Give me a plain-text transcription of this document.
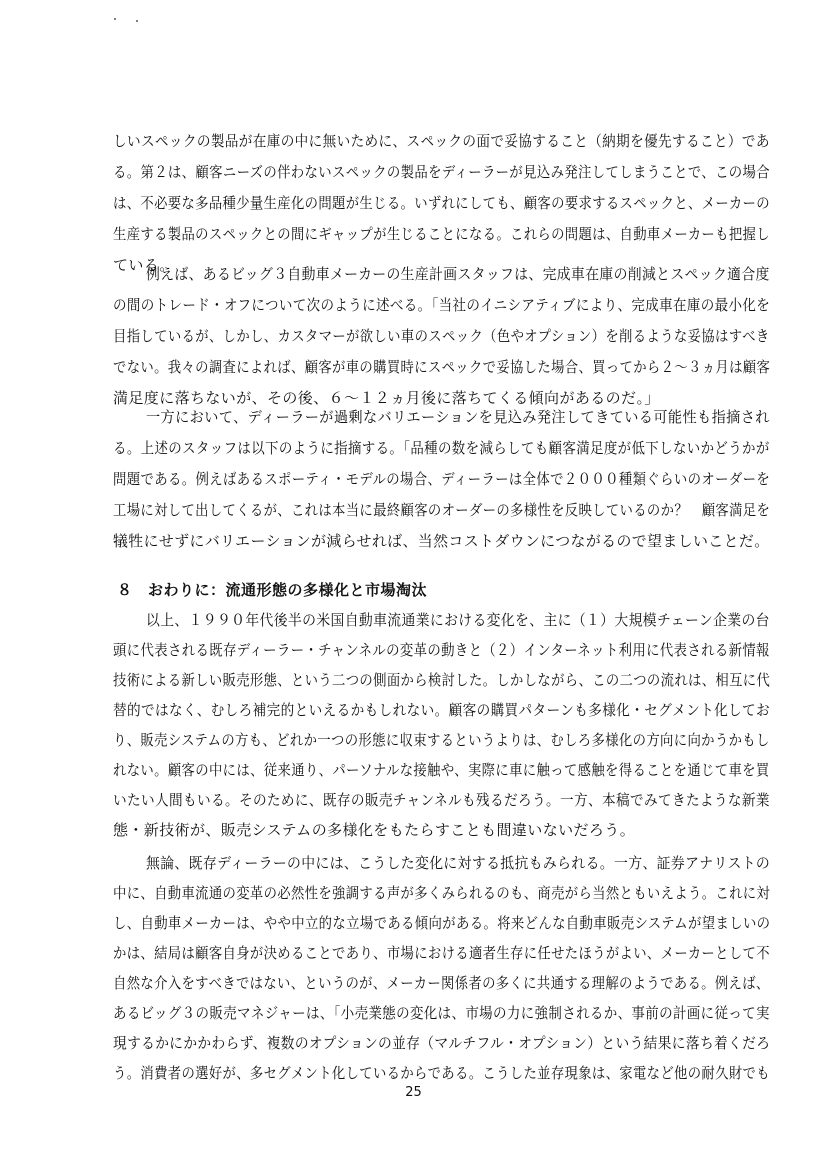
しいスペックの製品が在庫の中に無いために、スペックの面で妥協すること（納期を優先すること）であ
る。第２は、顧客ニーズの伴わないスペックの製品をディーラーが見込み発注してしまうことで、この場合
は、不必要な多品種少量生産化の問題が生じる。いずれにしても、顧客の要求するスペックと、メーカーの
生産する製品のスペックとの間にギャップが生じることになる。これらの問題は、自動車メーカーも把握し
ている。
例えば、あるビッグ３自動車メーカーの生産計画スタッフは、完成車在庫の削減とスペック適合度
の間のトレード・オフについて次のように述べる。「当社のイニシアティブにより、完成車在庫の最小化を
目指しているが、しかし、カスタマーが欲しい車のスペック（色やオプション）を削るような妥協はすべき
でない。我々の調査によれば、顧客が車の購買時にスペックで妥協した場合、買ってから２～３ヵ月は顧客
満足度に落ちないが、その後、６～１２ヵ月後に落ちてくる傾向があるのだ。」
一方において、ディーラーが過剰なバリエーションを見込み発注してきている可能性も指摘され
る。上述のスタッフは以下のように指摘する。「品種の数を減らしても顧客満足度が低下しないかどうかが
問題である。例えばあるスポーティ・モデルの場合、ディーラーは全体で２０００種類ぐらいのオーダーを
工場に対して出してくるが、これは本当に最終顧客のオーダーの多様性を反映しているのか？　顧客満足を
犠牲にせずにバリエーションが減らせれば、当然コストダウンにつながるので望ましいことだ。
８　おわりに：流通形態の多様化と市場淘汰
以上、１９９０年代後半の米国自動車流通業における変化を、主に（１）大規模チェーン企業の台
頭に代表される既存ディーラー・チャンネルの変革の動きと（２）インターネット利用に代表される新情報
技術による新しい販売形態、という二つの側面から検討した。しかしながら、この二つの流れは、相互に代
替的ではなく、むしろ補完的といえるかもしれない。顧客の購買パターンも多様化・セグメント化してお
り、販売システムの方も、どれか一つの形態に収束するというよりは、むしろ多様化の方向に向かうかもし
れない。顧客の中には、従来通り、パーソナルな接触や、実際に車に触って感触を得ることを通じて車を買
いたい人間もいる。そのために、既存の販売チャンネルも残るだろう。一方、本稿でみてきたような新業
態・新技術が、販売システムの多様化をもたらすことも間違いないだろう。
無論、既存ディーラーの中には、こうした変化に対する抵抗もみられる。一方、証券アナリストの
中に、自動車流通の変革の必然性を強調する声が多くみられるのも、商売がら当然ともいえよう。これに対
し、自動車メーカーは、やや中立的な立場である傾向がある。将来どんな自動車販売システムが望ましいの
かは、結局は顧客自身が決めることであり、市場における適者生存に任せたほうがよい、メーカーとして不
自然な介入をすべきではない、というのが、メーカー関係者の多くに共通する理解のようである。例えば、
あるビッグ３の販売マネジャーは、「小売業態の変化は、市場の力に強制されるか、事前の計画に従って実
現するかにかかわらず、複数のオプションの並存（マルチフル・オプション）という結果に落ち着くだろ
う。消費者の選好が、多セグメント化しているからである。こうした並存現象は、家電など他の耐久財でも
25
